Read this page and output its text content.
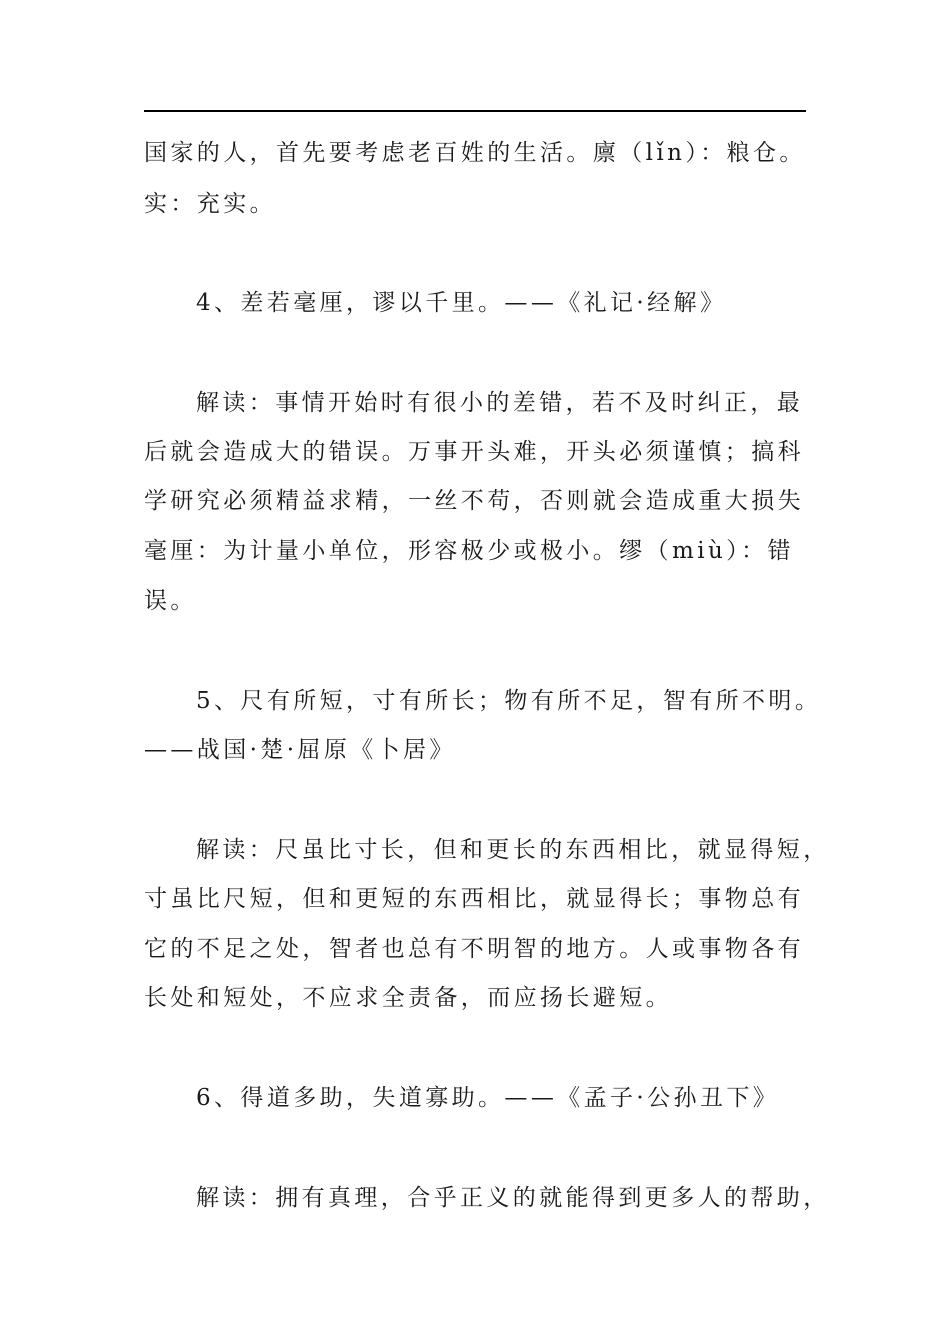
国家的人，首先要考虑老百姓的生活。廪（lǐn）：粮仓。
实：充实。
4、差若毫厘，谬以千里。——《礼记·经解》
解读：事情开始时有很小的差错，若不及时纠正，最
后就会造成大的错误。万事开头难，开头必须谨慎；搞科
学研究必须精益求精，一丝不苟，否则就会造成重大损失
毫厘：为计量小单位，形容极少或极小。缪（miù）：错
误。
5、尺有所短，寸有所长；物有所不足，智有所不明。
——战国·楚·屈原《卜居》
解读：尺虽比寸长，但和更长的东西相比，就显得短，
寸虽比尺短，但和更短的东西相比，就显得长；事物总有
它的不足之处，智者也总有不明智的地方。人或事物各有
长处和短处，不应求全责备，而应扬长避短。
6、得道多助，失道寡助。——《孟子·公孙丑下》
解读：拥有真理，合乎正义的就能得到更多人的帮助，
